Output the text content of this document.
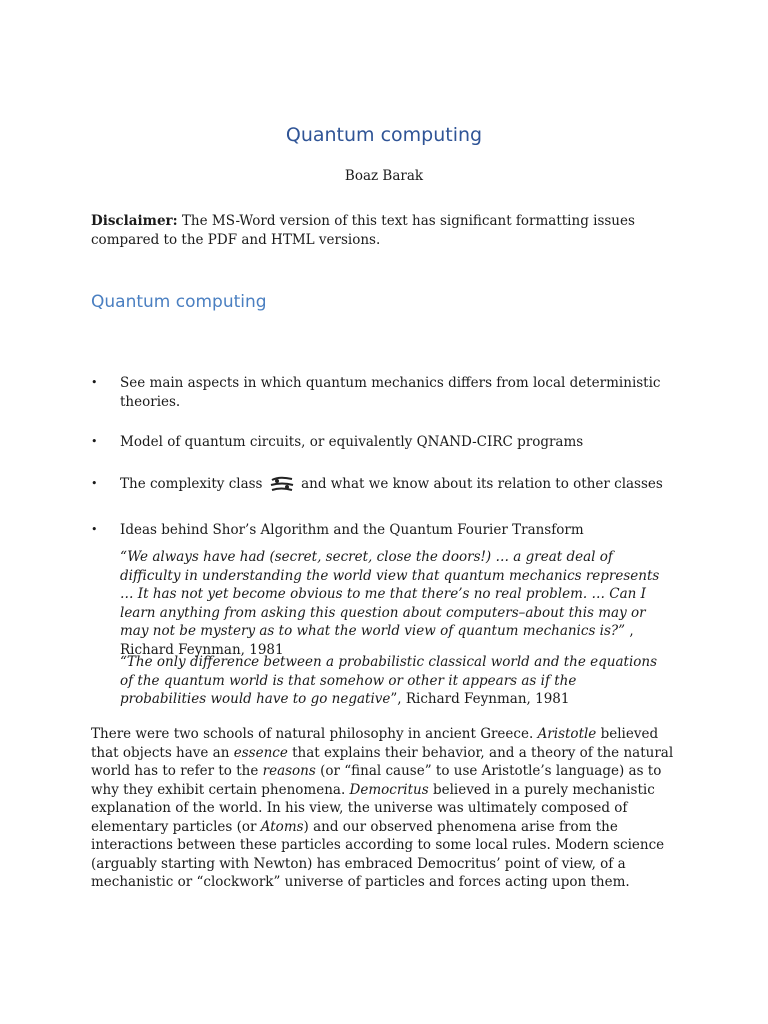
Quantum computing
Boaz Barak
Disclaimer: The MS-Word version of this text has significant formatting issues compared to the PDF and HTML versions.
Quantum computing
• See main aspects in which quantum mechanics differs from local deterministic theories.
• Model of quantum circuits, or equivalently QNAND-CIRC programs
• The complexity class  and what we know about its relation to other classes
• Ideas behind Shor’s Algorithm and the Quantum Fourier Transform
“We always have had (secret, secret, close the doors!) … a great deal of difficulty in understanding the world view that quantum mechanics represents … It has not yet become obvious to me that there’s no real problem. … Can I learn anything from asking this question about computers–about this may or may not be mystery as to what the world view of quantum mechanics is?” , Richard Feynman, 1981
“The only difference between a probabilistic classical world and the equations of the quantum world is that somehow or other it appears as if the probabilities would have to go negative”, Richard Feynman, 1981
There were two schools of natural philosophy in ancient Greece. Aristotle believed that objects have an essence that explains their behavior, and a theory of the natural world has to refer to the reasons (or “final cause” to use Aristotle’s language) as to why they exhibit certain phenomena. Democritus believed in a purely mechanistic explanation of the world. In his view, the universe was ultimately composed of elementary particles (or Atoms) and our observed phenomena arise from the interactions between these particles according to some local rules. Modern science (arguably starting with Newton) has embraced Democritus’ point of view, of a mechanistic or “clockwork” universe of particles and forces acting upon them.
